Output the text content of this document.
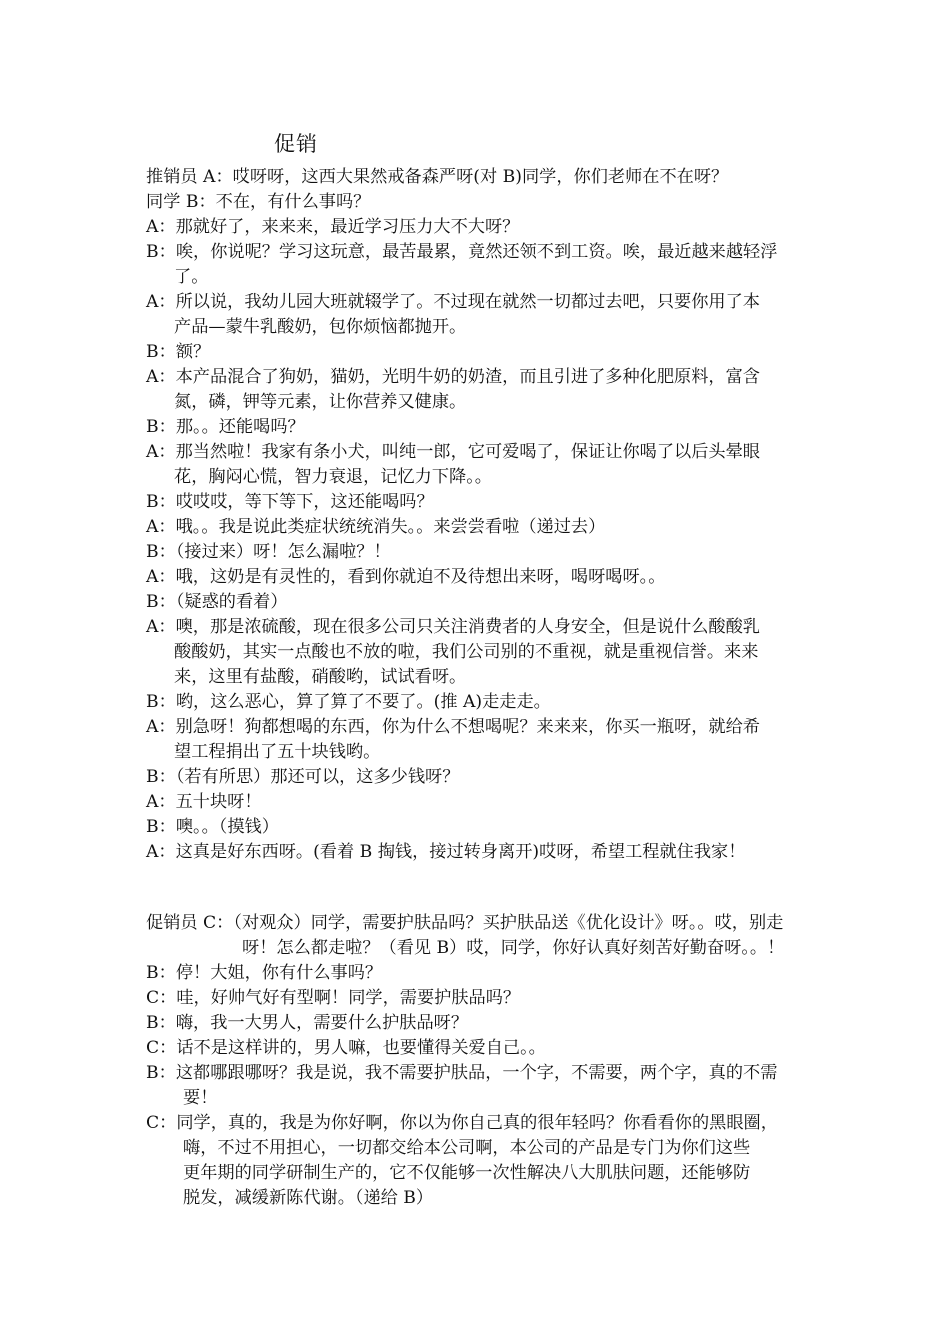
促销
推销员 A：哎呀呀，这西大果然戒备森严呀(对 B)同学，你们老师在不在呀？
同学 B：不在，有什么事吗？
A：那就好了，来来来，最近学习压力大不大呀？
B：唉，你说呢？学习这玩意，最苦最累，竟然还领不到工资。唉，最近越来越轻浮
了。
A：所以说，我幼儿园大班就辍学了。不过现在就然一切都过去吧，只要你用了本
产品—蒙牛乳酸奶，包你烦恼都抛开。
B：额？
A：本产品混合了狗奶，猫奶，光明牛奶的奶渣，而且引进了多种化肥原料，富含
氮，磷，钾等元素，让你营养又健康。
B：那。。还能喝吗？
A：那当然啦！我家有条小犬，叫纯一郎，它可爱喝了，保证让你喝了以后头晕眼
花，胸闷心慌，智力衰退，记忆力下降。。
B：哎哎哎，等下等下，这还能喝吗？
A：哦。。我是说此类症状统统消失。。来尝尝看啦（递过去）
B：（接过来）呀！怎么漏啦？！
A：哦，这奶是有灵性的，看到你就迫不及待想出来呀，喝呀喝呀。。
B：（疑惑的看着）
A：噢，那是浓硫酸，现在很多公司只关注消费者的人身安全，但是说什么酸酸乳
酸酸奶，其实一点酸也不放的啦，我们公司别的不重视，就是重视信誉。来来
来，这里有盐酸，硝酸哟，试试看呀。
B：哟，这么恶心，算了算了不要了。(推 A)走走走。
A：别急呀！狗都想喝的东西，你为什么不想喝呢？来来来，你买一瓶呀，就给希
望工程捐出了五十块钱哟。
B：（若有所思）那还可以，这多少钱呀？
A：五十块呀！
B：噢。。（摸钱）
A：这真是好东西呀。(看着 B 掏钱，接过转身离开)哎呀，希望工程就住我家！
促销员 C：（对观众）同学，需要护肤品吗？买护肤品送《优化设计》呀。。哎，别走
呀！怎么都走啦？（看见 B）哎，同学，你好认真好刻苦好勤奋呀。。！
B：停！大姐，你有什么事吗？
C：哇，好帅气好有型啊！同学，需要护肤品吗？
B：嗨，我一大男人，需要什么护肤品呀？
C：话不是这样讲的，男人嘛，也要懂得关爱自己。。
B：这都哪跟哪呀？我是说，我不需要护肤品，一个字，不需要，两个字，真的不需
要！
C：同学，真的，我是为你好啊，你以为你自己真的很年轻吗？你看看你的黑眼圈，
嗨，不过不用担心，一切都交给本公司啊，本公司的产品是专门为你们这些
更年期的同学研制生产的，它不仅能够一次性解决八大肌肤问题，还能够防
脱发，减缓新陈代谢。（递给 B）
